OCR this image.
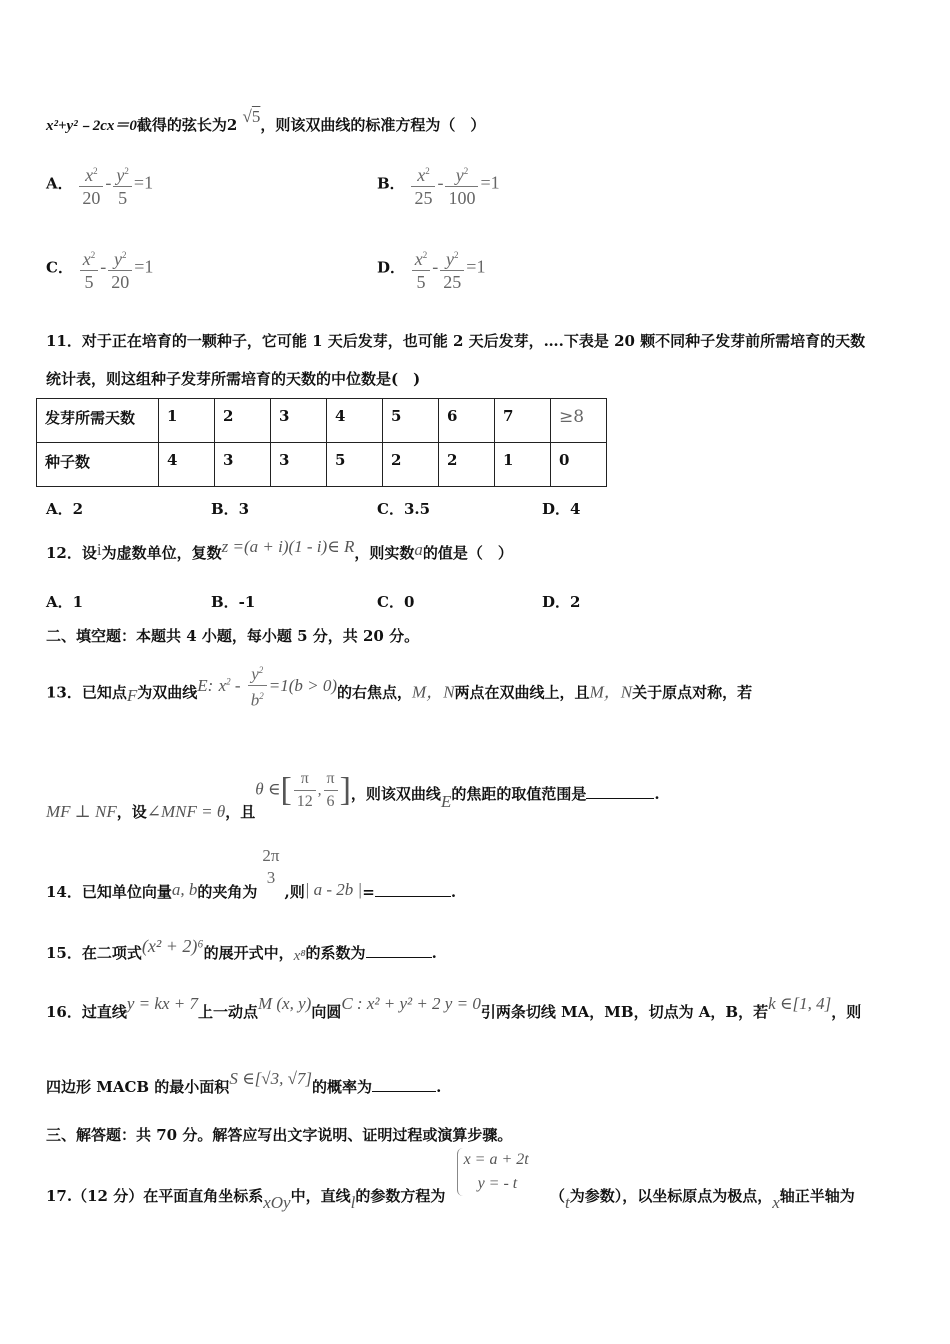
x²+y²﹣2cx＝0截得的弦长为2 √5，则该双曲线的标准方程为（　）
A． $\frac{x^2}{20} - \frac{y^2}{5} =1$	B． $\frac{x^2}{25} - \frac{y^2}{100} =1$
C． $\frac{x^2}{5} - \frac{y^2}{20} =1$	D． $\frac{x^2}{5} - \frac{y^2}{25} =1$
11．对于正在培育的一颗种子，它可能 1 天后发芽，也可能 2 天后发芽，….下表是 20 颗不同种子发芽前所需培育的天数
统计表，则这组种子发芽所需培育的天数的中位数是(　)
发芽所需天数	1	2	3	4	5	6	7	≥8
种子数	4	3	3	5	2	2	1	0
A．2	B．3	C．3.5	D．4
12．设i为虚数单位，复数z =(a + i)(1 - i)∈ R，则实数a的值是（　）
A．1	B．-1	C．0	D．2
二、填空题：本题共 4 小题，每小题 5 分，共 20 分。
13．已知点F为双曲线E: $x^2 - \frac{y^2}{b^2} =1(b > 0)$的右焦点，M，N两点在双曲线上，且M，N关于原点对称，若
MF ⊥ NF，设∠MNF = θ，且θ ∈[ $\frac{\pi}{12}$ , $\frac{\pi}{6}$ ]，则该双曲线E的焦距的取值范围是	.
14．已知单位向量a, b的夹角为
2π
3
,则| a - 2b |=	.
15．在二项式(x² + 2)⁶的展开式中，x⁸的系数为	.
16．过直线y = kx + 7上一动点M (x, y)向圆C : x² + y² + 2 y = 0引两条切线 MA，MB，切点为 A，B，若k ∈[1, 4]，则
四边形 MACB 的最小面积S ∈[√3, √7]的概率为	.
三、解答题：共 70 分。解答应写出文字说明、证明过程或演算步骤。
17.（12 分）在平面直角坐标系xOy中，直线l的参数方程为
x = a + 2t
y = - t
（t为参数），以坐标原点为极点，x轴正半轴为
